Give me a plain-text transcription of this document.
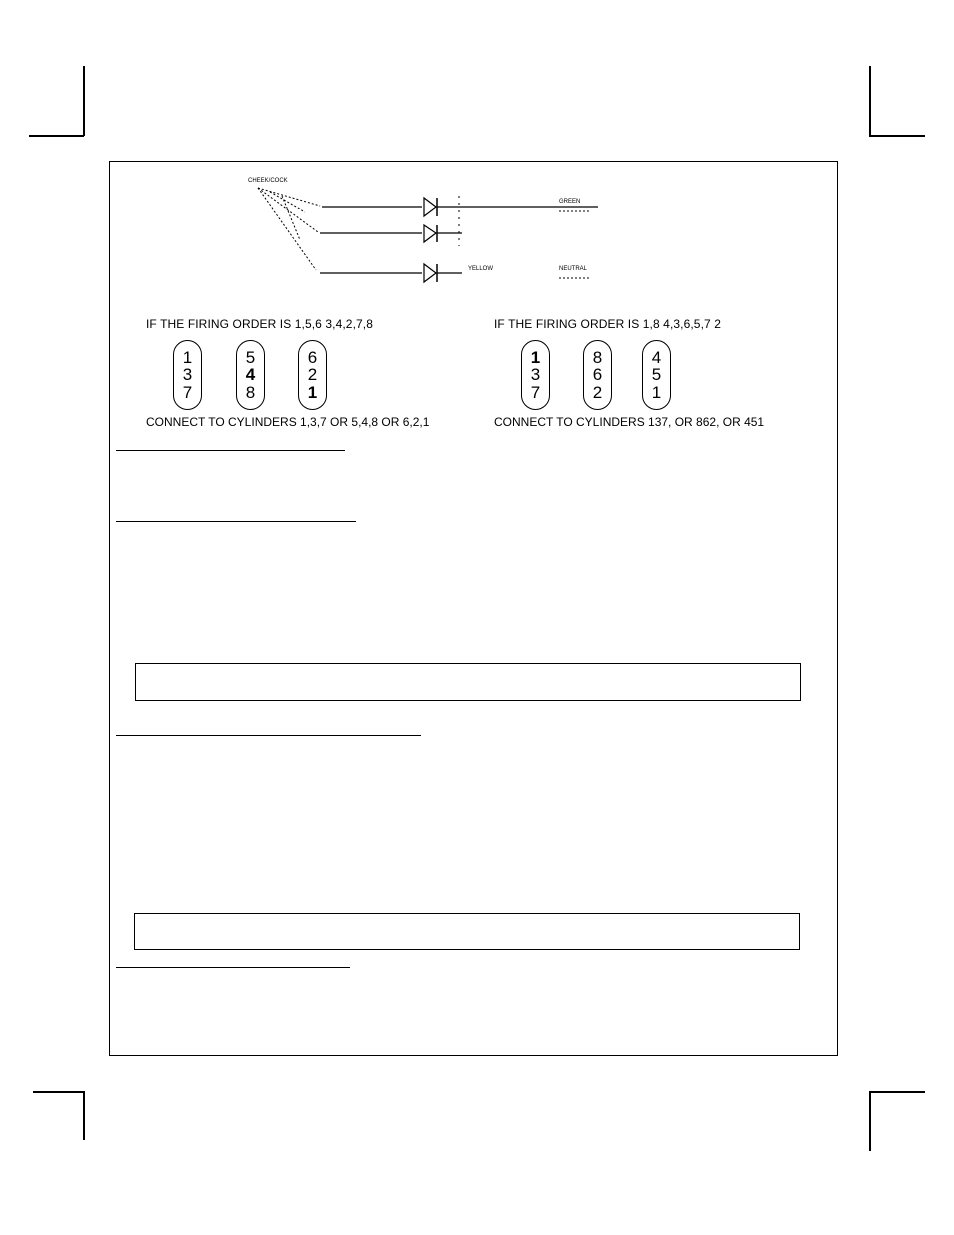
CHEEK/COCK
GREEN
NEUTRAL
YELLOW
IF THE FIRING ORDER IS 1,5,6 3,4,2,7,8
1
3
7
5
4
8
6
2
1
CONNECT TO CYLINDERS 1,3,7 OR 5,4,8 OR 6,2,1
IF THE FIRING ORDER IS 1,8 4,3,6,5,7 2
1
3
7
8
6
2
4
5
1
CONNECT TO CYLINDERS 137, OR 862, OR 451
